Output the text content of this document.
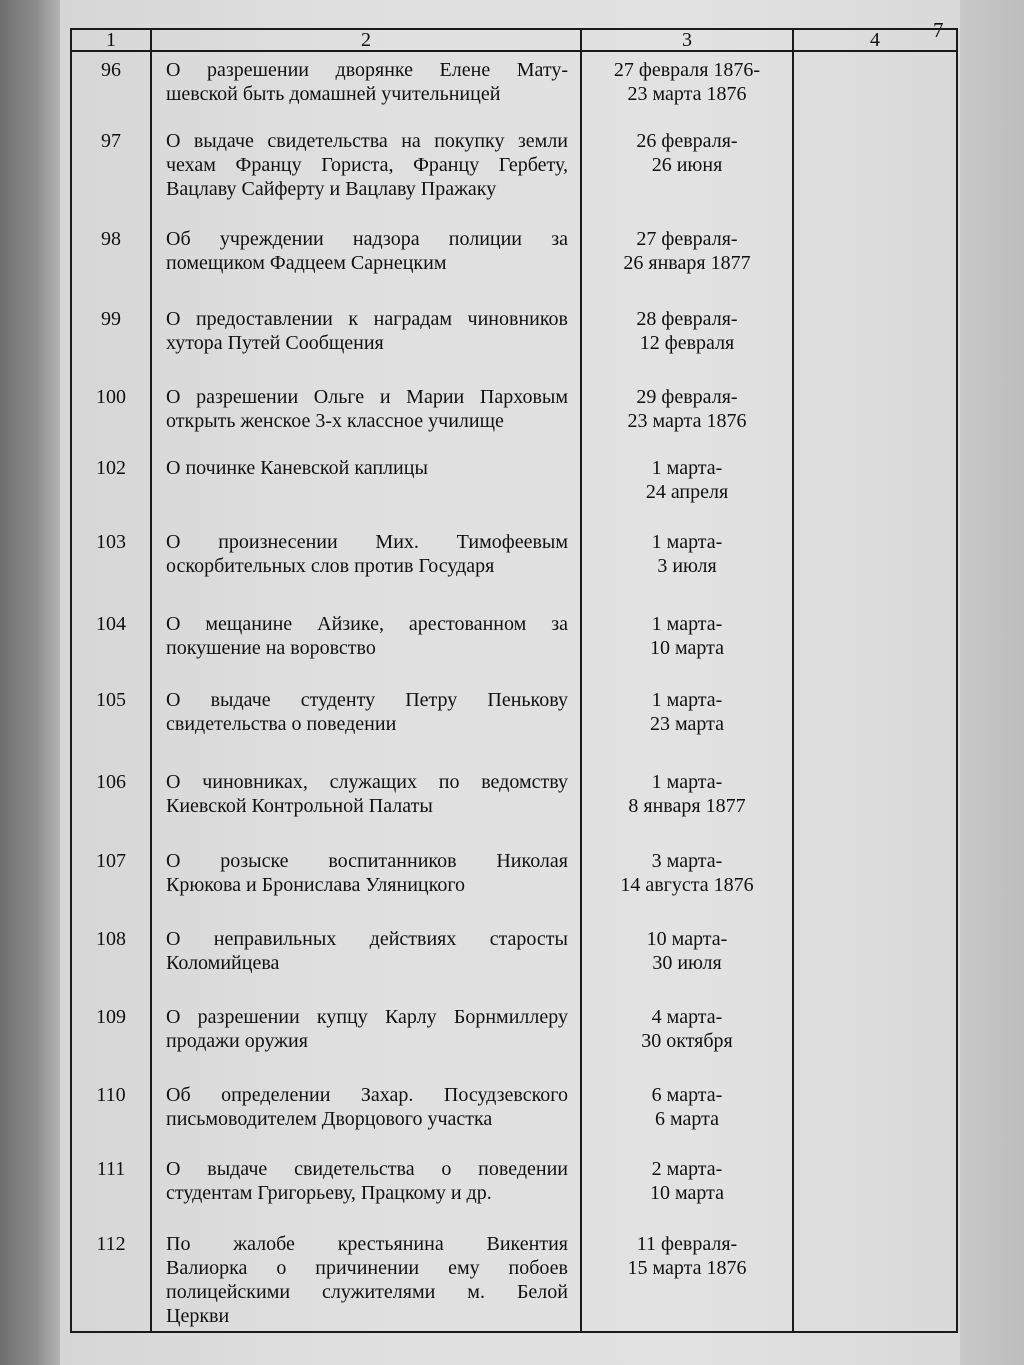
7
1	2	3	4
96	О разрешении дворянке Елене Мату-
шевской быть домашней учительницей	27 февраля 1876-
23 марта 1876	

97	О выдаче свидетельства на покупку земли
чехам Францу Гориста, Францу Гербету,
Вацлаву Сайферту и Вацлаву Пражаку	26 февраля-
26 июня	

98	Об учреждении надзора полиции за
помещиком Фадцеем Сарнецким	27 февраля-
26 января 1877	

99	О предоставлении к наградам чиновников
хутора Путей Сообщения	28 февраля-
12 февраля	

100	О разрешении Ольге и Марии Парховым
открыть женское 3-х классное училище	29 февраля-
23 марта 1876	

102	О починке Каневской каплицы	1 марта-
24 апреля	

103	О произнесении Мих. Тимофеевым
оскорбительных слов против Государя	1 марта-
3 июля	

104	О мещанине Айзике, арестованном за
покушение на воровство	1 марта-
10 марта	

105	О выдаче студенту Петру Пенькову
свидетельства о поведении	1 марта-
23 марта	

106	О чиновниках, служащих по ведомству
Киевской Контрольной Палаты	1 марта-
8 января 1877	

107	О розыске воспитанников Николая
Крюкова и Бронислава Уляницкого	3 марта-
14 августа 1876	

108	О неправильных действиях старосты
Коломийцева	10 марта-
30 июля	

109	О разрешении купцу Карлу Борнмиллеру
продажи оружия	4 марта-
30 октября	

110	Об определении Захар. Посудзевского
письмоводителем Дворцового участка	6 марта-
6 марта	

111	О выдаче свидетельства о поведении
студентам Григорьеву, Працкому и др.	2 марта-
10 марта	

112	По жалобе крестьянина Викентия
Валиорка о причинении ему побоев
полицейскими служителями м. Белой
Церкви	11 февраля-
15 марта 1876	
